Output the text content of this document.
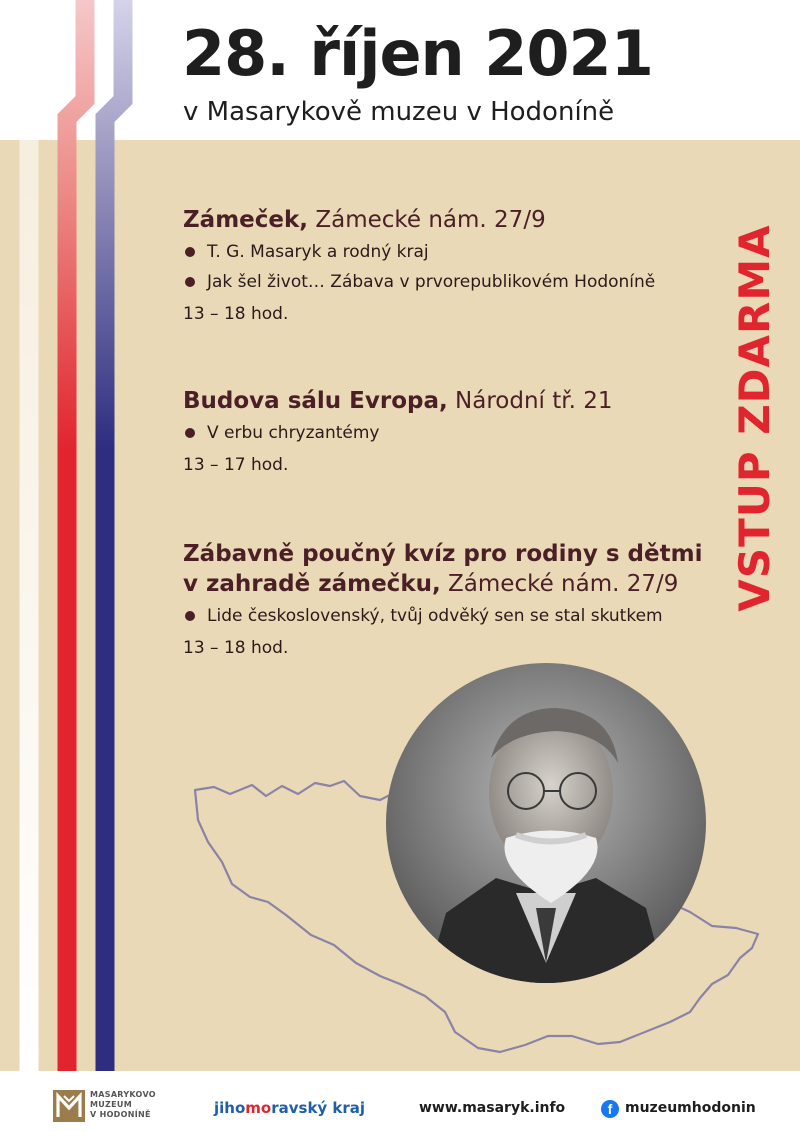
28. říjen 2021

v Masarykově muzeu v Hodoníně

Zámeček, Zámecké nám. 27/9

T. G. Masaryk a rodný kraj

Jak šel život… Zábava v prvorepublikovém Hodoníně

13 – 18 hod.

Budova sálu Evropa, Národní tř. 21

V erbu chryzantémy

13 – 17 hod.

Zábavně poučný kvíz pro rodiny s dětmi

v zahradě zámečku, Zámecké nám. 27/9

Lide československý, tvůj odvěký sen se stal skutkem

13 – 18 hod.

VSTUP ZDARMA
MASARYKOVO
MUZEUM
V HODONÍNĚ	jihomoravský kraj	www.masaryk.info	f muzeumhodonin
